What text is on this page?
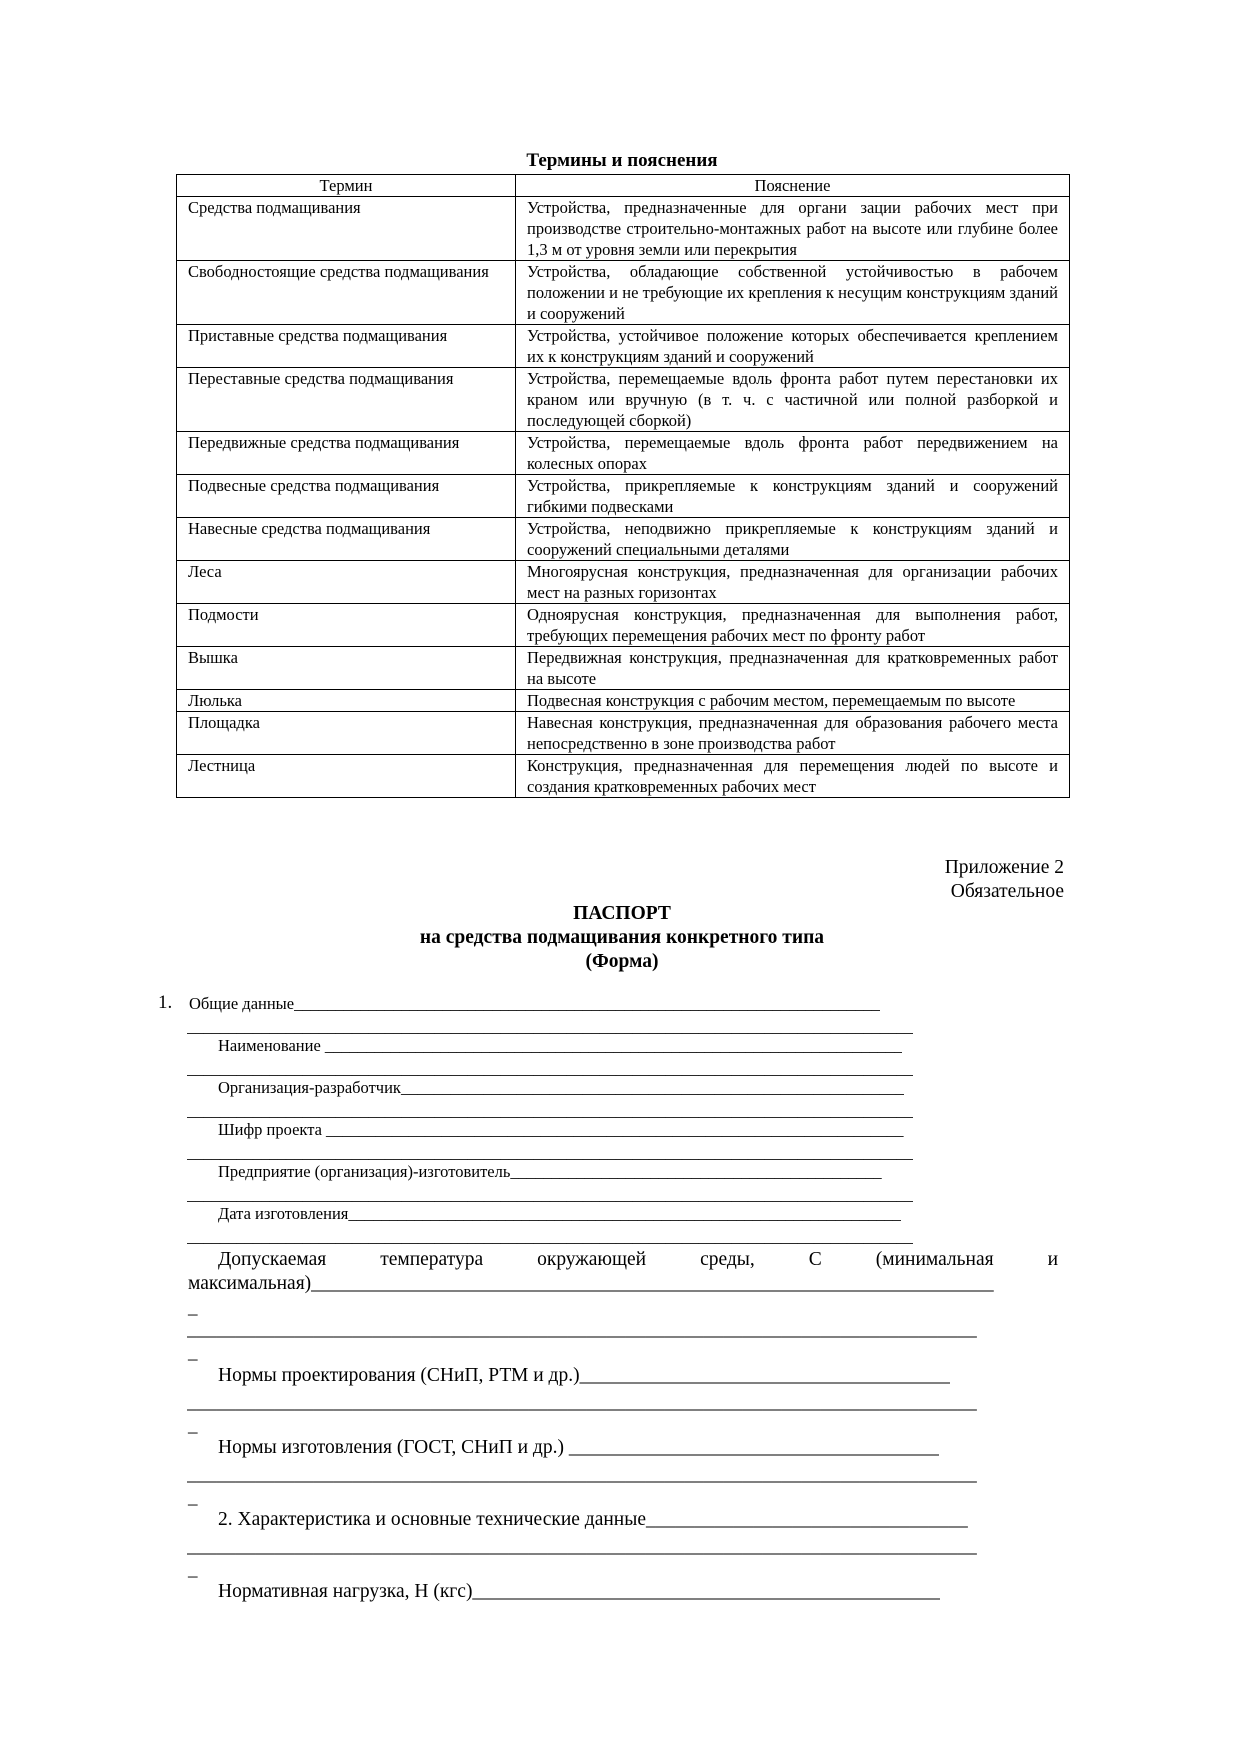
Термины и пояснения
Термин	Пояснение
Средства подмащивания	Устройства, предназначенные для органи зации рабочих мест при производстве строительно-монтажных работ на высоте или глубине более 1,3 м от уровня земли или перекрытия
Свободностоящие средства подмащивания	Устройства, обладающие собственной устойчивостью в рабочем положении и не требующие их крепления к несущим конструкциям зданий и сооружений
Приставные средства подмащивания	Устройства, устойчивое положение которых обеспечивается креплением их к конструкциям зданий и сооружений
Переставные средства подмащивания	Устройства, перемещаемые вдоль фронта работ путем перестановки их краном или вручную (в т. ч. с частичной или полной разборкой и последующей сборкой)
Передвижные средства подмащивания	Устройства, перемещаемые вдоль фронта работ передвижением на колесных опорах
Подвесные средства подмащивания	Устройства, прикрепляемые к конструкциям зданий и сооружений гибкими подвесками
Навесные средства подмащивания	Устройства, неподвижно прикрепляемые к конструкциям зданий и сооружений специальными деталями
Леса	Многоярусная конструкция, предназначенная для организации рабочих мест на разных горизонтах
Подмости	Одноярусная конструкция, предназначенная для выполнения работ, требующих перемещения рабочих мест по фронту работ
Вышка	Передвижная конструкция, предназначенная для кратковременных работ на высоте
Люлька	Подвесная конструкция с рабочим местом, перемещаемым по высоте
Площадка	Навесная конструкция, предназначенная для образования рабочего места непосредственно в зоне производства работ
Лестница	Конструкция, предназначенная для перемещения людей по высоте и создания кратковременных рабочих мест
Приложение 2
Обязательное
ПАСПОРТ
на средства подмащивания конкретного типа
(Форма)
1. Общие данные_______________________________________________________________________
________________________________________________________________________________________
Наименование ______________________________________________________________________
________________________________________________________________________________________
Организация-разработчик_____________________________________________________________
________________________________________________________________________________________
Шифр проекта ______________________________________________________________________
________________________________________________________________________________________
Предприятие (организация)-изготовитель_____________________________________________
________________________________________________________________________________________
Дата изготовления___________________________________________________________________
________________________________________________________________________________________
Допускаемая	температура	окружающей	среды,	С	(минимальная	и
максимальная)______________________________________________________________________
_
_________________________________________________________________________________
_
Нормы проектирования (СНиП, РТМ и др.)______________________________________
_________________________________________________________________________________
_
Нормы изготовления (ГОСТ, СНиП и др.) ______________________________________
_________________________________________________________________________________
_
2. Характеристика и основные технические данные_________________________________
_________________________________________________________________________________
_
Нормативная нагрузка, Н (кгс)________________________________________________
